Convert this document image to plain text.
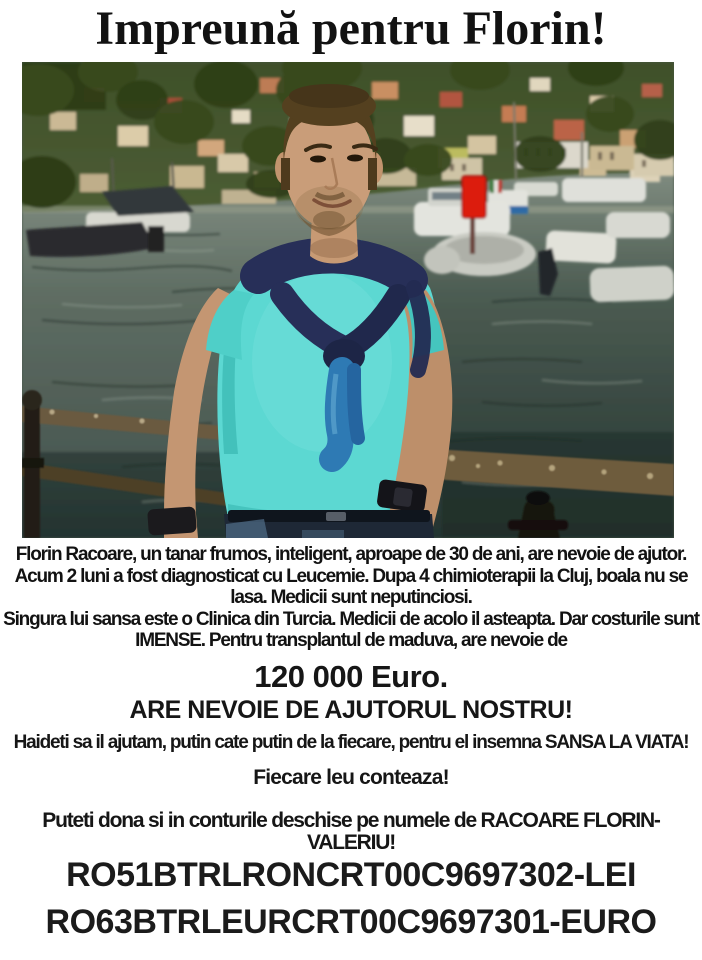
Impreună pentru Florin!
Florin Racoare, un tanar frumos, inteligent, aproape de 30 de ani, are nevoie de ajutor. Acum 2 luni a fost diagnosticat cu Leucemie. Dupa 4 chimioterapii la Cluj, boala nu se lasa. Medicii sunt neputinciosi.
Singura lui sansa este o Clinica din Turcia. Medicii de acolo il asteapta. Dar costurile sunt IMENSE. Pentru transplantul de maduva, are nevoie de
120 000 Euro.
ARE NEVOIE DE AJUTORUL NOSTRU!
Haideti sa il ajutam, putin cate putin de la fiecare, pentru el insemna SANSA LA VIATA!
Fiecare leu conteaza!
Puteti dona si in conturile deschise pe numele de RACOARE FLORIN-VALERIU!
RO51BTRLRONCRT00C9697302-LEI
RO63BTRLEURCRT00C9697301-EURO
